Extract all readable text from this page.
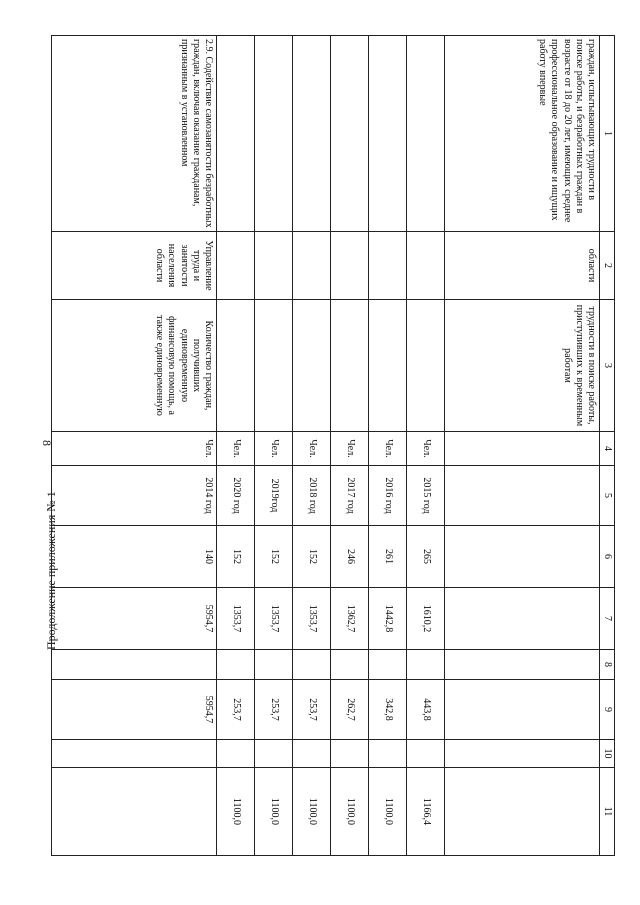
8
Продолжение приложения № 1
1	2	3	4	5	6	7	8	9	10	11
граждан, испытывающих трудности в поиске работы, и безработных граждан в возрасте от 18 до 20 лет, имеющих среднее профессиональное образование и ищущих работу впервые	области	трудности в поиске работы, приступивших к временным работам								
			Чел.	2015 год	265	1610,2		443,8		1166,4
			Чел.	2016 год	261	1442,8		342,8		1100,0
			Чел.	2017 год	246	1362,7		262,7		1100,0
			Чел.	2018 год	152	1353,7		253,7		1100,0
			Чел.	2019год	152	1353,7		253,7		1100,0
			Чел.	2020 год	152	1353,7		253,7		1100,0
2.9. Содействие самозанятости безработных граждан, включая оказание гражданам, признанным в установленном	Управление труда и занятости населения области	Количество граждан, получивших единовременную финансовую помощь, а также единовременную	Чел.	2014 год	140	5954,7		5954,7		
